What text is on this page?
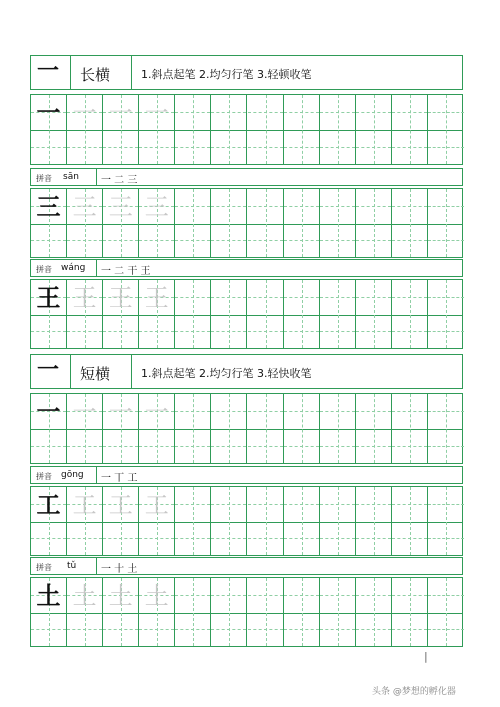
一 长横	1.斜点起笔 2.均匀行笔 3.轻顿收笔
一 一 一 一
拼音 sān 一 二 三
三 三 三 三
拼音 wáng 一 二 干 王
王 王 王 王
一 短横	1.斜点起笔 2.均匀行笔 3.轻快收笔
一 一 一 一
拼音 gōng 一 丅 工
工 工 工 工
拼音 tǔ 一 十 土
土 土 土 土
|
头条 @梦想的孵化器
